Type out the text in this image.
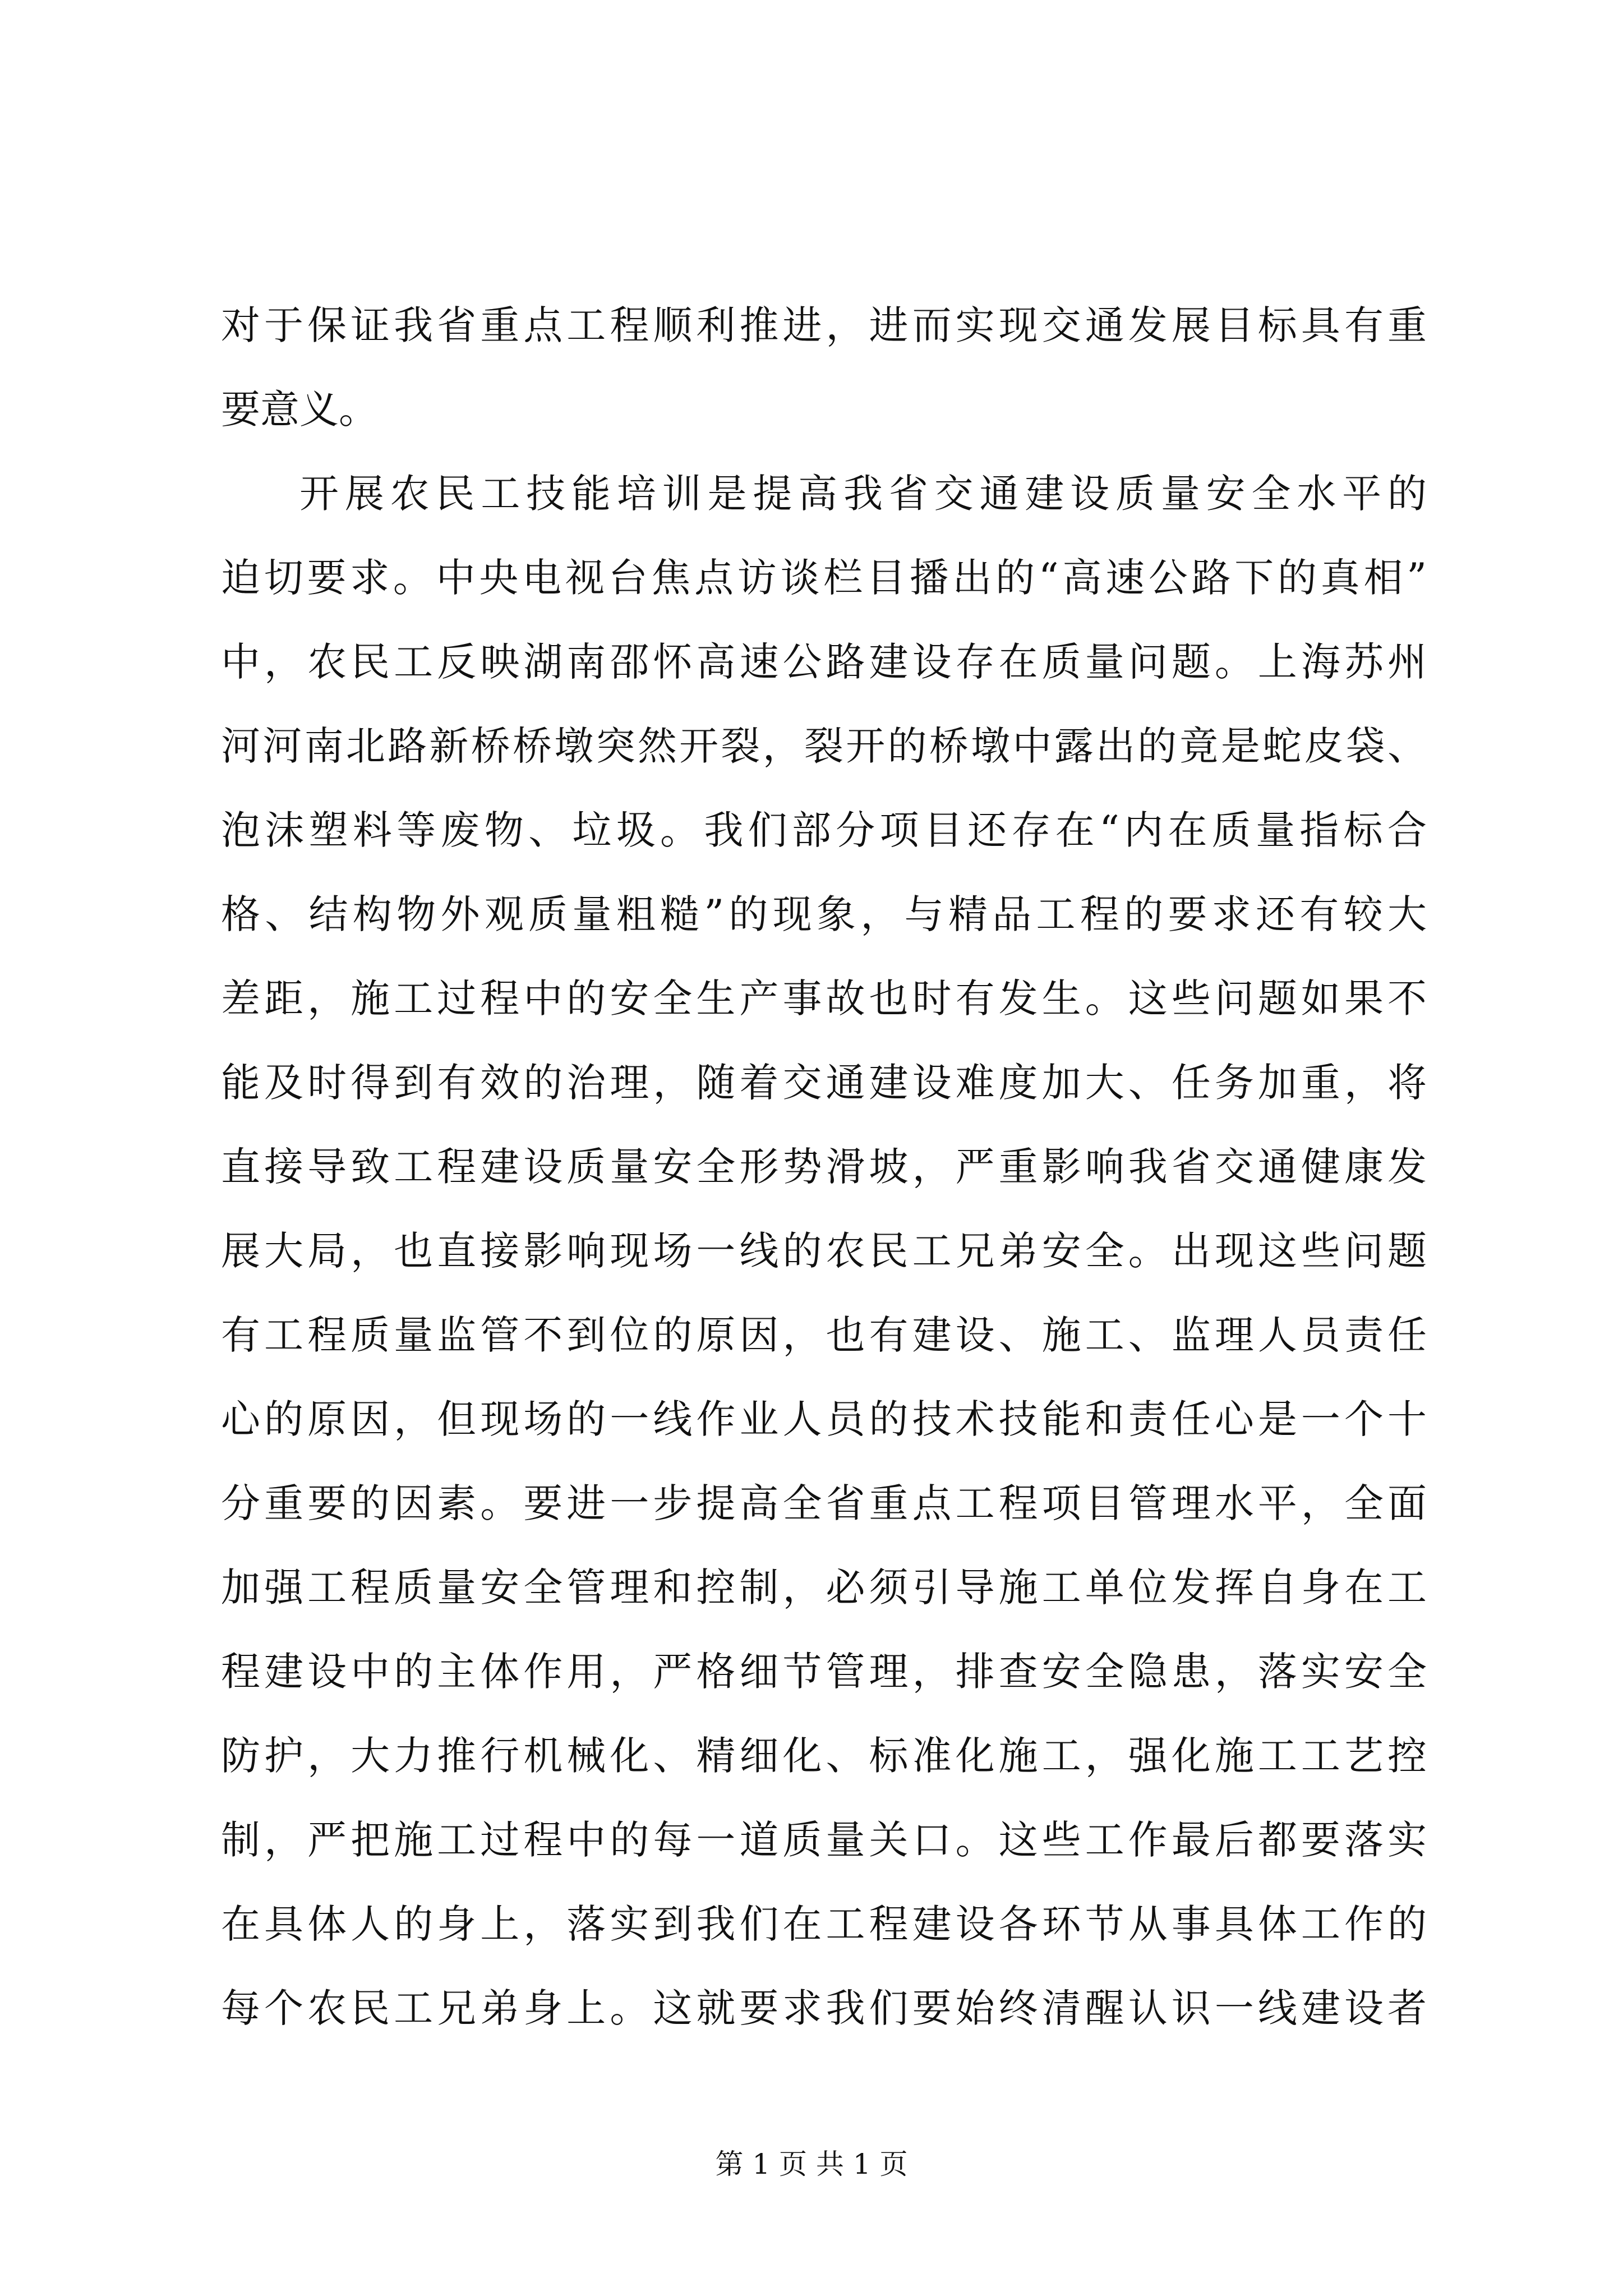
对于保证我省重点工程顺利推进，进而实现交通发展目标具有重
要意义。
开展农民工技能培训是提高我省交通建设质量安全水平的
迫切要求。中央电视台焦点访谈栏目播出的“高速公路下的真相”
中，农民工反映湖南邵怀高速公路建设存在质量问题。上海苏州
河河南北路新桥桥墩突然开裂，裂开的桥墩中露出的竟是蛇皮袋、
泡沫塑料等废物、垃圾。我们部分项目还存在“内在质量指标合
格、结构物外观质量粗糙”的现象，与精品工程的要求还有较大
差距，施工过程中的安全生产事故也时有发生。这些问题如果不
能及时得到有效的治理，随着交通建设难度加大、任务加重，将
直接导致工程建设质量安全形势滑坡，严重影响我省交通健康发
展大局，也直接影响现场一线的农民工兄弟安全。出现这些问题
有工程质量监管不到位的原因，也有建设、施工、监理人员责任
心的原因，但现场的一线作业人员的技术技能和责任心是一个十
分重要的因素。要进一步提高全省重点工程项目管理水平，全面
加强工程质量安全管理和控制，必须引导施工单位发挥自身在工
程建设中的主体作用，严格细节管理，排查安全隐患，落实安全
防护，大力推行机械化、精细化、标准化施工，强化施工工艺控
制，严把施工过程中的每一道质量关口。这些工作最后都要落实
在具体人的身上，落实到我们在工程建设各环节从事具体工作的
每个农民工兄弟身上。这就要求我们要始终清醒认识一线建设者
第 1 页 共 1 页
